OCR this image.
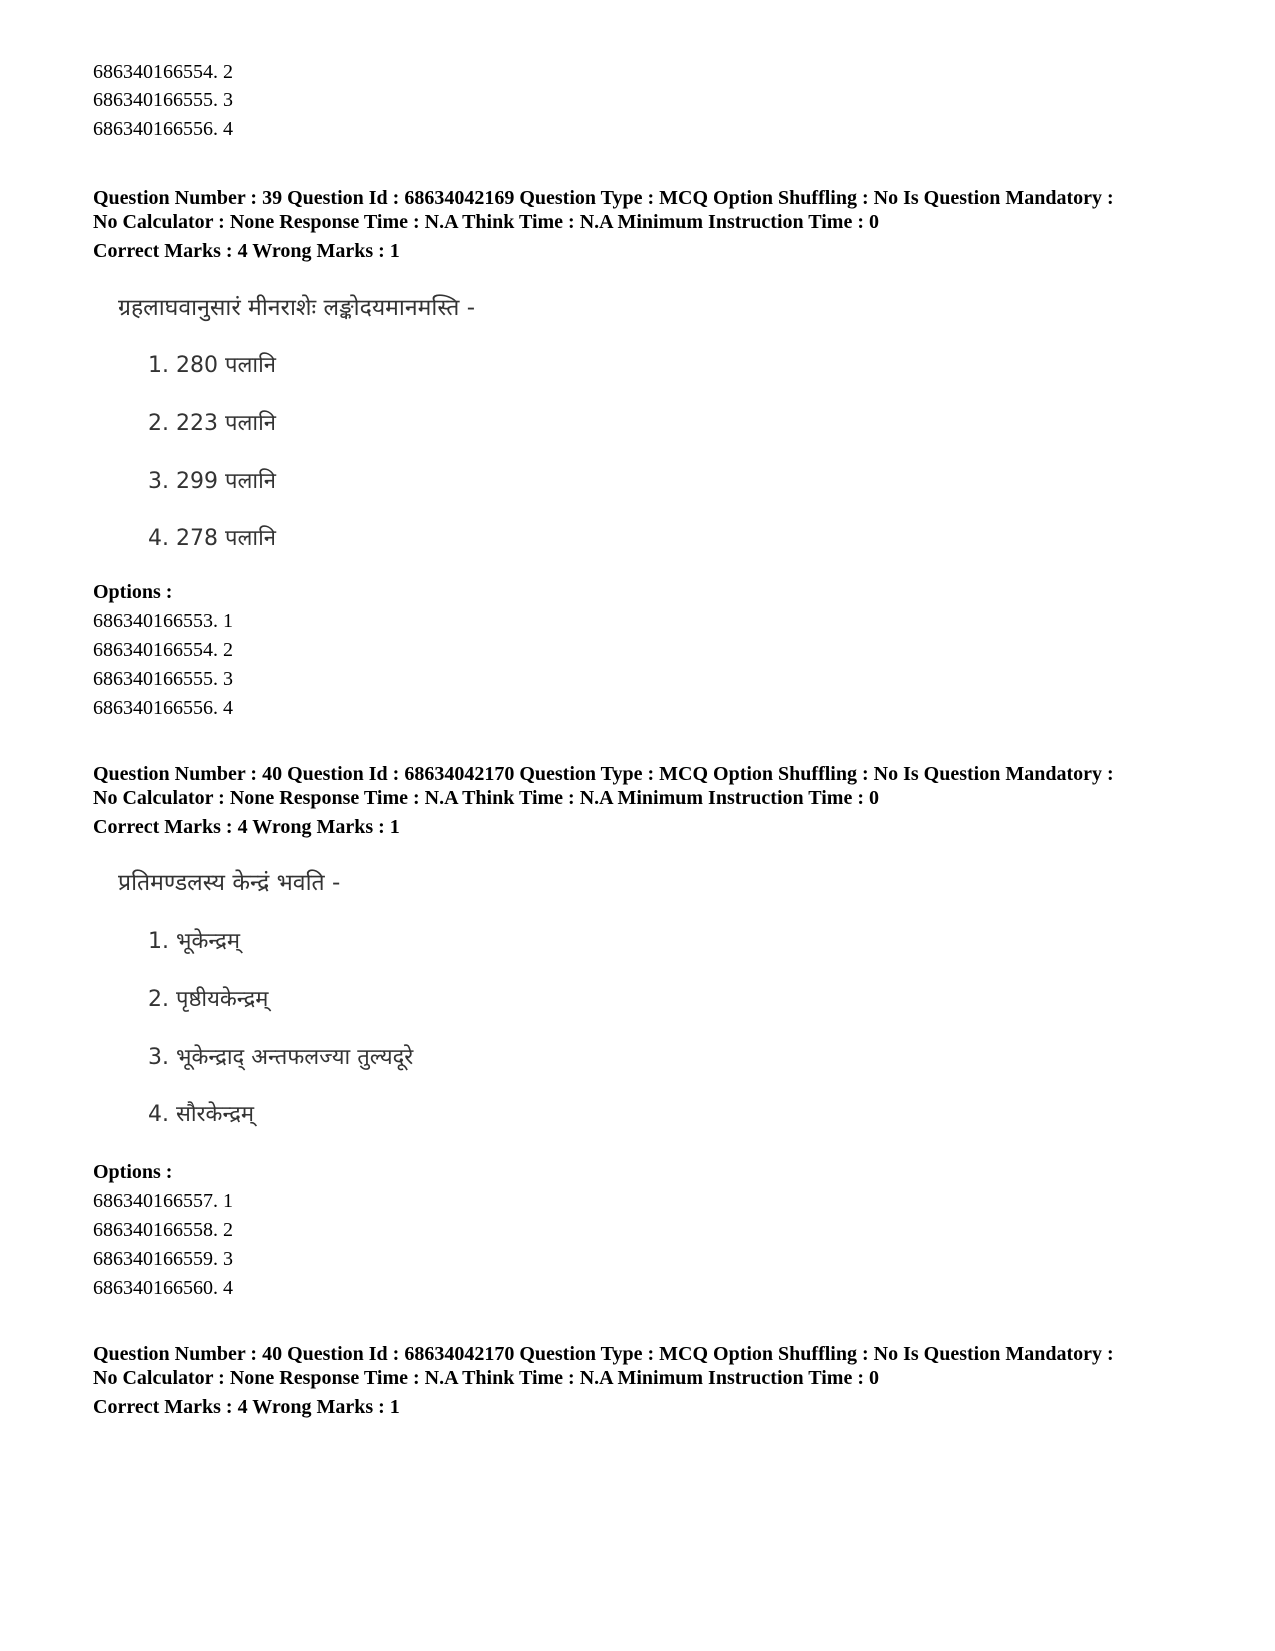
686340166554. 2
686340166555. 3
686340166556. 4
Question Number : 39 Question Id : 68634042169 Question Type : MCQ Option Shuffling : No Is Question Mandatory :
No Calculator : None Response Time : N.A Think Time : N.A Minimum Instruction Time : 0
Correct Marks : 4 Wrong Marks : 1
ग्रहलाघवानुसारं मीनराशेः लङ्कोदयमानमस्ति -
1. 280 पलानि
2. 223 पलानि
3. 299 पलानि
4. 278 पलानि
Options :
686340166553. 1
686340166554. 2
686340166555. 3
686340166556. 4
Question Number : 40 Question Id : 68634042170 Question Type : MCQ Option Shuffling : No Is Question Mandatory :
No Calculator : None Response Time : N.A Think Time : N.A Minimum Instruction Time : 0
Correct Marks : 4 Wrong Marks : 1
प्रतिमण्डलस्य केन्द्रं भवति -
1. भूकेन्द्रम्
2. पृष्ठीयकेन्द्रम्
3. भूकेन्द्राद् अन्तफलज्या तुल्यदूरे
4. सौरकेन्द्रम्
Options :
686340166557. 1
686340166558. 2
686340166559. 3
686340166560. 4
Question Number : 40 Question Id : 68634042170 Question Type : MCQ Option Shuffling : No Is Question Mandatory :
No Calculator : None Response Time : N.A Think Time : N.A Minimum Instruction Time : 0
Correct Marks : 4 Wrong Marks : 1
